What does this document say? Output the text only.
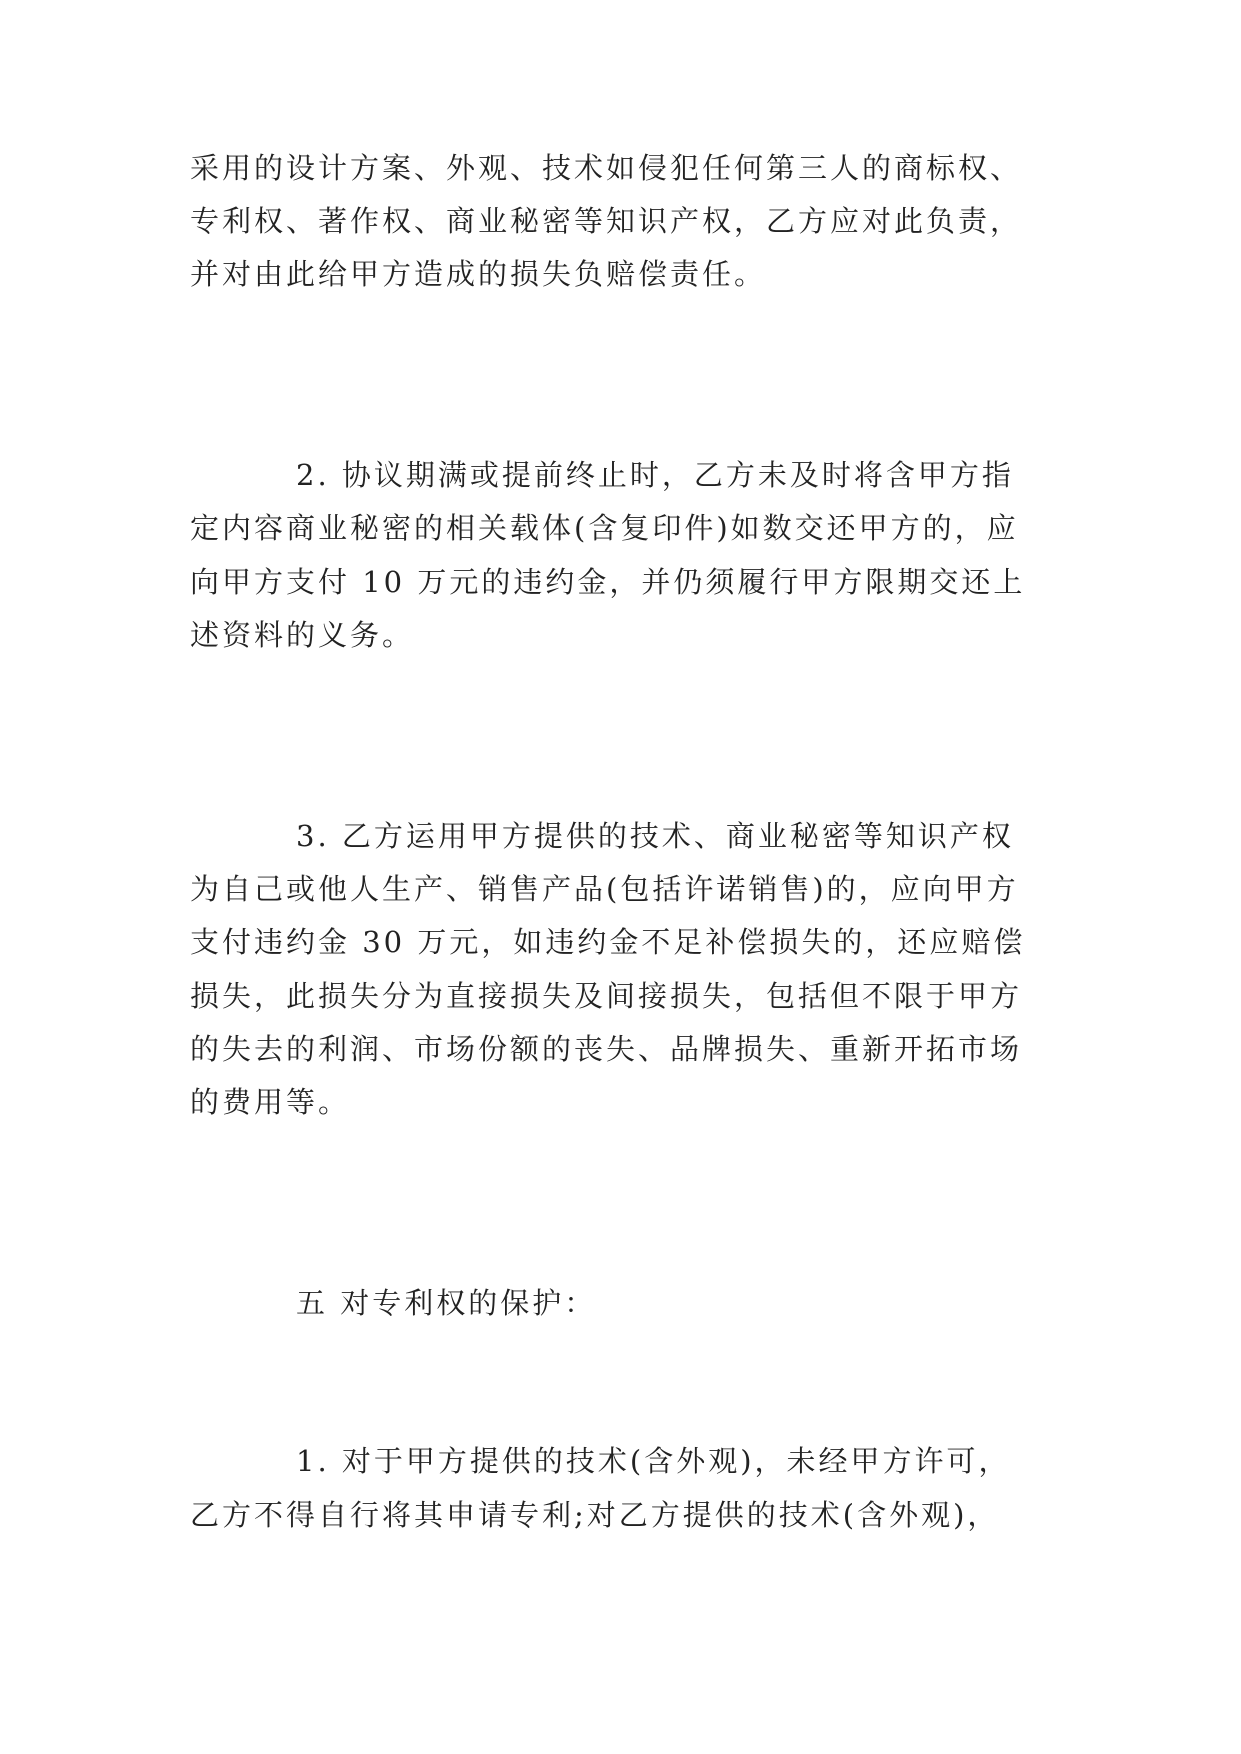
采用的设计方案、外观、技术如侵犯任何第三人的商标权、

专利权、著作权、商业秘密等知识产权，乙方应对此负责，

并对由此给甲方造成的损失负赔偿责任。

2. 协议期满或提前终止时，乙方未及时将含甲方指

定内容商业秘密的相关载体(含复印件)如数交还甲方的，应

向甲方支付 10 万元的违约金，并仍须履行甲方限期交还上

述资料的义务。

3. 乙方运用甲方提供的技术、商业秘密等知识产权

为自己或他人生产、销售产品(包括许诺销售)的，应向甲方

支付违约金 30 万元，如违约金不足补偿损失的，还应赔偿

损失，此损失分为直接损失及间接损失，包括但不限于甲方

的失去的利润、市场份额的丧失、品牌损失、重新开拓市场

的费用等。

五 对专利权的保护：

1. 对于甲方提供的技术(含外观)，未经甲方许可，

乙方不得自行将其申请专利;对乙方提供的技术(含外观)，
